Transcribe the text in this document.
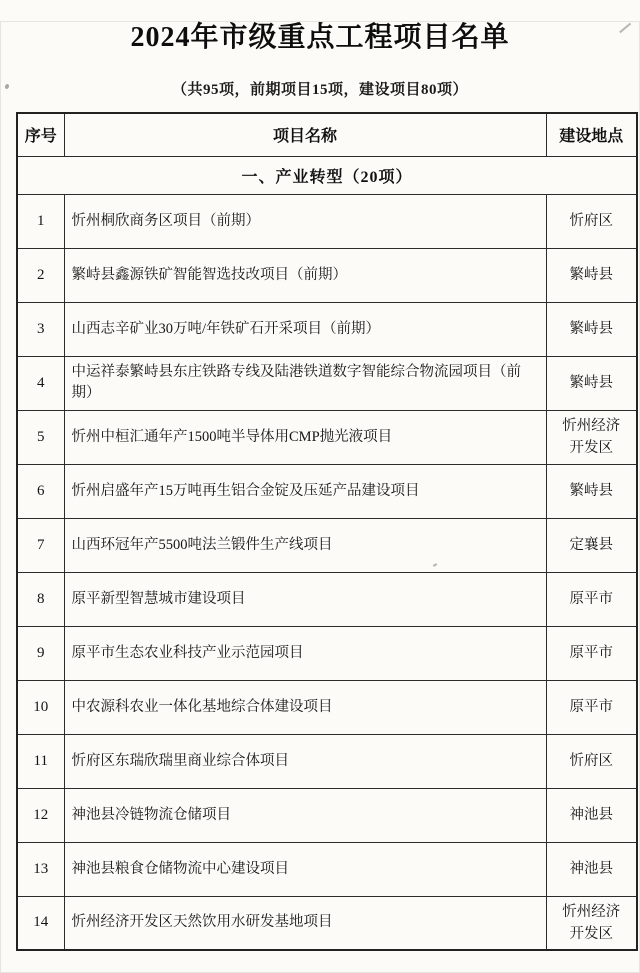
2024年市级重点工程项目名单
（共95项，前期项目15项，建设项目80项）
序号	项目名称	建设地点
一、产业转型（20项）		
1	忻州桐欣商务区项目（前期）	忻府区
2	繁峙县鑫源铁矿智能智选技改项目（前期）	繁峙县
3	山西志辛矿业30万吨/年铁矿石开采项目（前期）	繁峙县
4	中运祥泰繁峙县东庄铁路专线及陆港铁道数字智能综合物流园项目（前期）	繁峙县
5	忻州中桓汇通年产1500吨半导体用CMP抛光液项目	忻州经济开发区
6	忻州启盛年产15万吨再生铝合金锭及压延产品建设项目	繁峙县
7	山西环冠年产5500吨法兰锻件生产线项目	定襄县
8	原平新型智慧城市建设项目	原平市
9	原平市生态农业科技产业示范园项目	原平市
10	中农源科农业一体化基地综合体建设项目	原平市
11	忻府区东瑞欣瑞里商业综合体项目	忻府区
12	神池县冷链物流仓储项目	神池县
13	神池县粮食仓储物流中心建设项目	神池县
14	忻州经济开发区天然饮用水研发基地项目	忻州经济开发区
